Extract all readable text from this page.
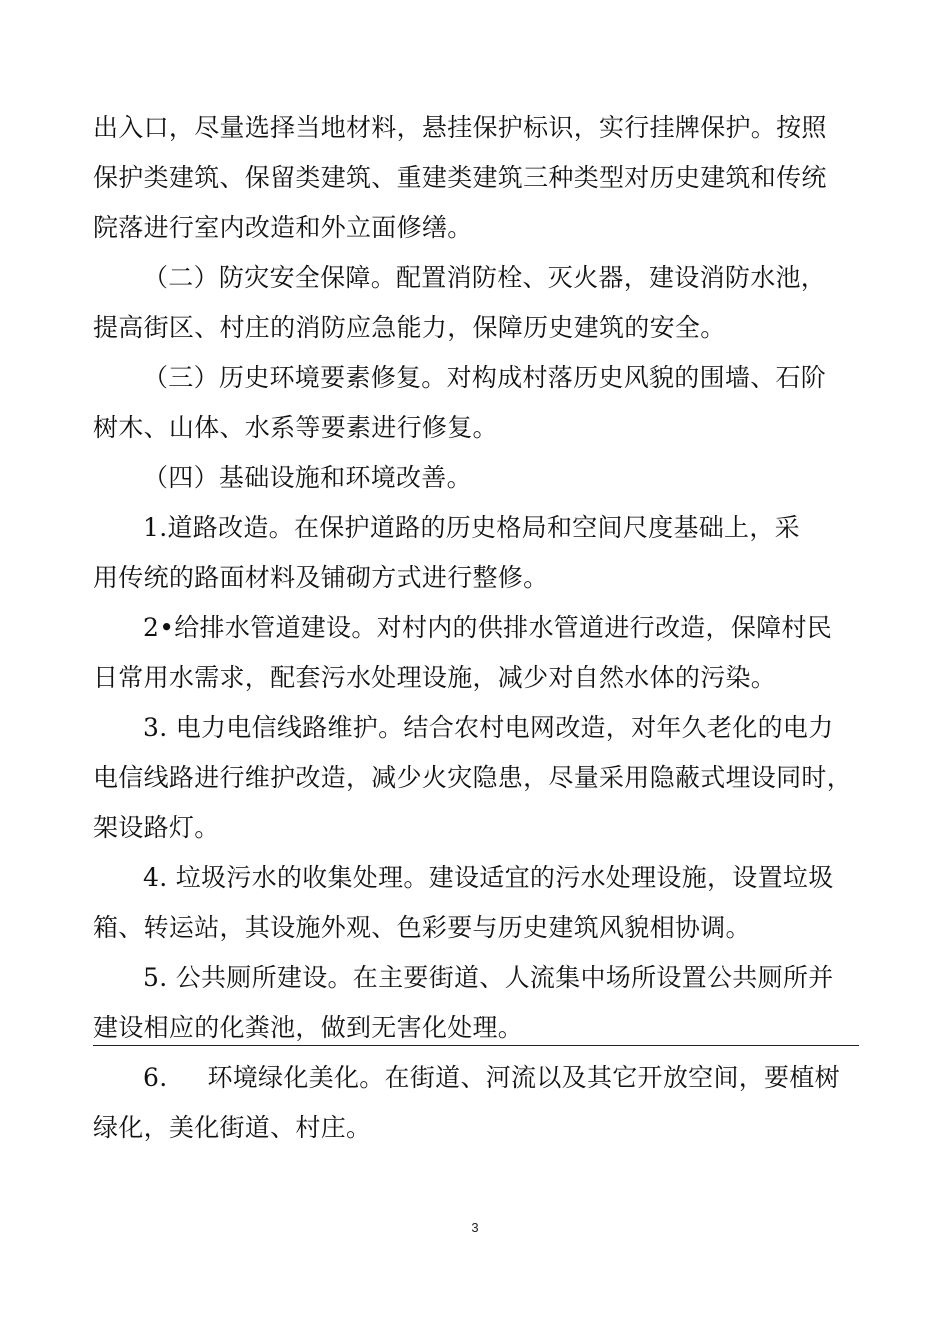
出入口，尽量选择当地材料，悬挂保护标识，实行挂牌保护。按照
保护类建筑、保留类建筑、重建类建筑三种类型对历史建筑和传统
院落进行室内改造和外立面修缮。
（二）防灾安全保障。配置消防栓、灭火器，建设消防水池，
提高街区、村庄的消防应急能力，保障历史建筑的安全。
（三）历史环境要素修复。对构成村落历史风貌的围墙、石阶
树木、山体、水系等要素进行修复。
（四）基础设施和环境改善。
1.道路改造。在保护道路的历史格局和空间尺度基础上，采
用传统的路面材料及铺砌方式进行整修。
2•给排水管道建设。对村内的供排水管道进行改造，保障村民
日常用水需求，配套污水处理设施，减少对自然水体的污染。
3. 电力电信线路维护。结合农村电网改造，对年久老化的电力
电信线路进行维护改造，减少火灾隐患，尽量采用隐蔽式埋设同时，
架设路灯。
4. 垃圾污水的收集处理。建设适宜的污水处理设施，设置垃圾
箱、转运站，其设施外观、色彩要与历史建筑风貌相协调。
5. 公共厕所建设。在主要街道、人流集中场所设置公共厕所并
建设相应的化粪池，做到无害化处理。
6. 环境绿化美化。在街道、河流以及其它开放空间，要植树
绿化，美化街道、村庄。
3
